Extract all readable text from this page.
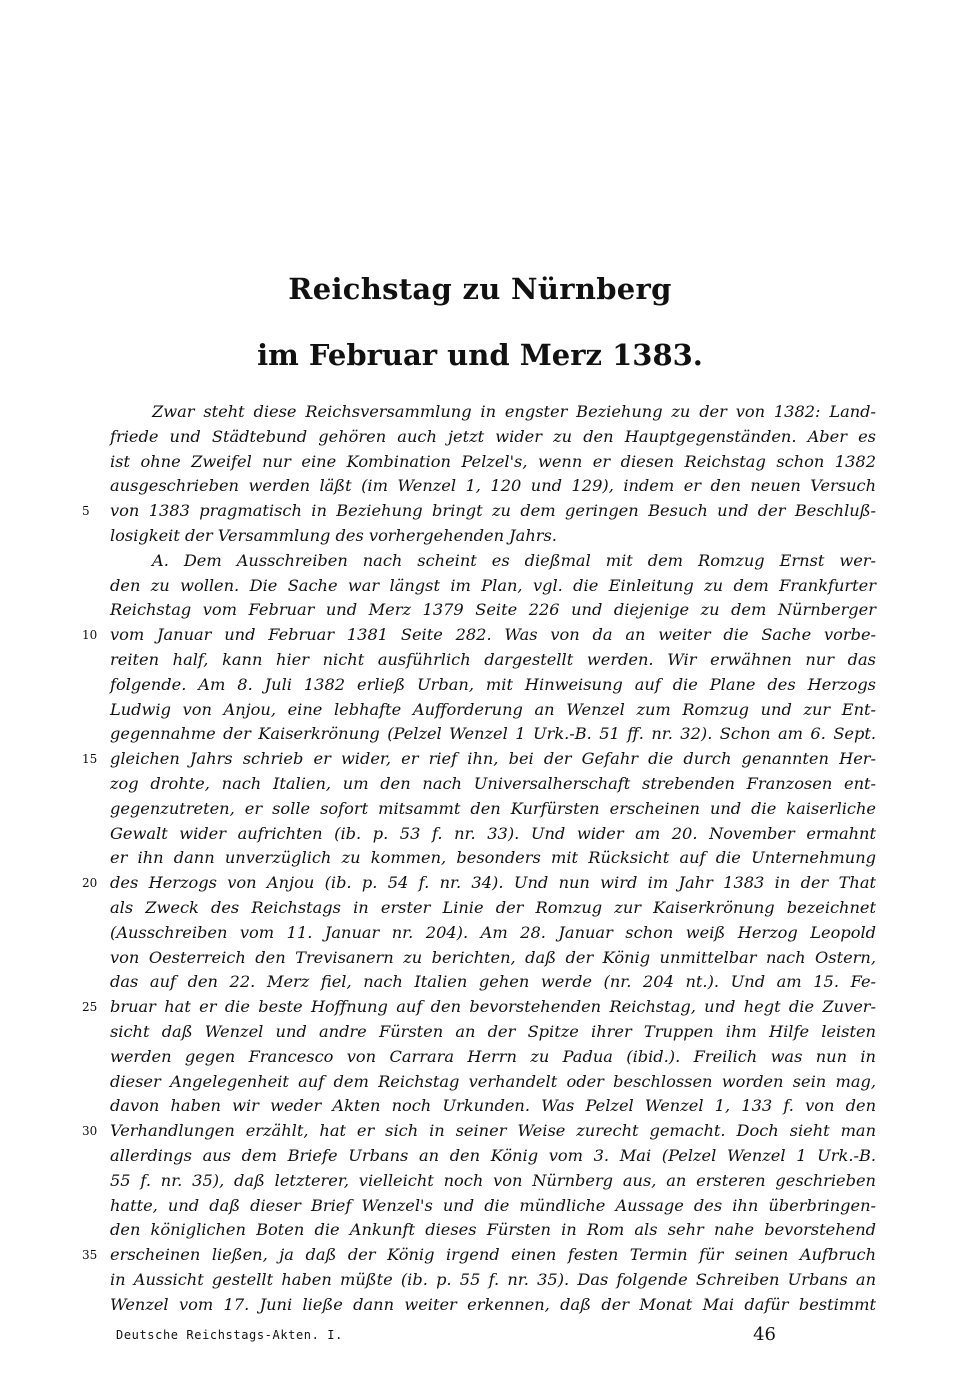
Reichstag zu Nürnberg
im Februar und Merz 1383.
Zwar steht diese Reichsversammlung in engster Beziehung zu der von 1382: Land-
friede und Städtebund gehören auch jetzt wider zu den Hauptgegenständen. Aber es
ist ohne Zweifel nur eine Kombination Pelzel's, wenn er diesen Reichstag schon 1382
ausgeschrieben werden läßt (im Wenzel 1, 120 und 129), indem er den neuen Versuch
5	von 1383 pragmatisch in Beziehung bringt zu dem geringen Besuch und der Beschluß-
losigkeit der Versammlung des vorhergehenden Jahrs.
A. Dem Ausschreiben nach scheint es dießmal mit dem Romzug Ernst wer-
den zu wollen. Die Sache war längst im Plan, vgl. die Einleitung zu dem Frankfurter
Reichstag vom Februar und Merz 1379 Seite 226 und diejenige zu dem Nürnberger
10 vom Januar und Februar 1381 Seite 282. Was von da an weiter die Sache vorbe-
reiten half, kann hier nicht ausführlich dargestellt werden. Wir erwähnen nur das
folgende. Am 8. Juli 1382 erließ Urban, mit Hinweisung auf die Plane des Herzogs
Ludwig von Anjou, eine lebhafte Aufforderung an Wenzel zum Romzug und zur Ent-
gegennahme der Kaiserkrönung (Pelzel Wenzel 1 Urk.-B. 51 ff. nr. 32). Schon am 6. Sept.
15 gleichen Jahrs schrieb er wider, er rief ihn, bei der Gefahr die durch genannten Her-
zog drohte, nach Italien, um den nach Universalherschaft strebenden Franzosen ent-
gegenzutreten, er solle sofort mitsammt den Kurfürsten erscheinen und die kaiserliche
Gewalt wider aufrichten (ib. p. 53 f. nr. 33). Und wider am 20. November ermahnt
er ihn dann unverzüglich zu kommen, besonders mit Rücksicht auf die Unternehmung
20 des Herzogs von Anjou (ib. p. 54 f. nr. 34). Und nun wird im Jahr 1383 in der That
als Zweck des Reichstags in erster Linie der Romzug zur Kaiserkrönung bezeichnet
(Ausschreiben vom 11. Januar nr. 204). Am 28. Januar schon weiß Herzog Leopold
von Oesterreich den Trevisanern zu berichten, daß der König unmittelbar nach Ostern,
das auf den 22. Merz fiel, nach Italien gehen werde (nr. 204 nt.). Und am 15. Fe-
25 bruar hat er die beste Hoffnung auf den bevorstehenden Reichstag, und hegt die Zuver-
sicht daß Wenzel und andre Fürsten an der Spitze ihrer Truppen ihm Hilfe leisten
werden gegen Francesco von Carrara Herrn zu Padua (ibid.). Freilich was nun in
dieser Angelegenheit auf dem Reichstag verhandelt oder beschlossen worden sein mag,
davon haben wir weder Akten noch Urkunden. Was Pelzel Wenzel 1, 133 f. von den
30 Verhandlungen erzählt, hat er sich in seiner Weise zurecht gemacht. Doch sieht man
allerdings aus dem Briefe Urbans an den König vom 3. Mai (Pelzel Wenzel 1 Urk.-B.
55 f. nr. 35), daß letzterer, vielleicht noch von Nürnberg aus, an ersteren geschrieben
hatte, und daß dieser Brief Wenzel's und die mündliche Aussage des ihn überbringen-
den königlichen Boten die Ankunft dieses Fürsten in Rom als sehr nahe bevorstehend
35 erscheinen ließen, ja daß der König irgend einen festen Termin für seinen Aufbruch
in Aussicht gestellt haben müßte (ib. p. 55 f. nr. 35). Das folgende Schreiben Urbans an
Wenzel vom 17. Juni ließe dann weiter erkennen, daß der Monat Mai dafür bestimmt
Deutsche Reichstags-Akten. I.	46
